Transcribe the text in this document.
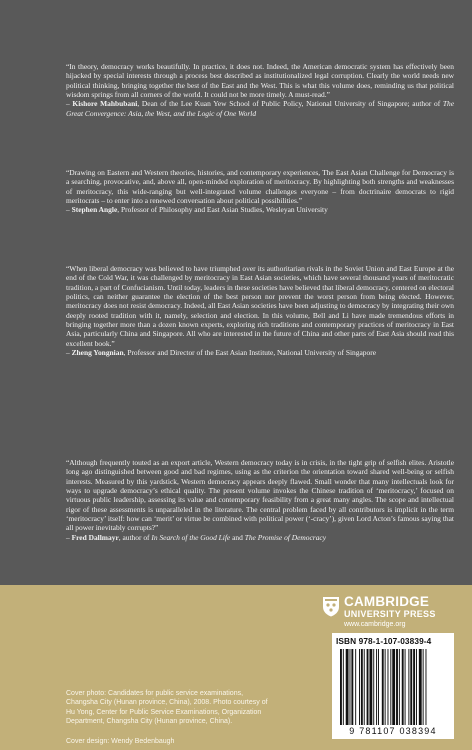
“In theory, democracy works beautifully. In practice, it does not. Indeed, the American democratic system has effectively been hijacked by special interests through a process best described as institutionalized legal corruption. Clearly the world needs new political thinking, bringing together the best of the East and the West. This is what this volume does, reminding us that political wisdom springs from all corners of the world. It could not be more timely. A must-read.”
– Kishore Mahbubani, Dean of the Lee Kuan Yew School of Public Policy, National University of Singapore; author of The Great Convergence: Asia, the West, and the Logic of One World

“Drawing on Eastern and Western theories, histories, and contemporary experiences, The East Asian Challenge for Democracy is a searching, provocative, and, above all, open-minded exploration of meritocracy. By highlighting both strengths and weaknesses of meritocracy, this wide-ranging but well-integrated volume challenges everyone – from doctrinaire democrats to rigid meritocrats – to enter into a renewed conversation about political possibilities.”
– Stephen Angle, Professor of Philosophy and East Asian Studies, Wesleyan University

“When liberal democracy was believed to have triumphed over its authoritarian rivals in the Soviet Union and East Europe at the end of the Cold War, it was challenged by meritocracy in East Asian societies, which have several thousand years of meritocratic tradition, a part of Confucianism. Until today, leaders in these societies have believed that liberal democracy, centered on electoral politics, can neither guarantee the election of the best person nor prevent the worst person from being elected. However, meritocracy does not resist democracy. Indeed, all East Asian societies have been adjusting to democracy by integrating their own deeply rooted tradition with it, namely, selection and election. In this volume, Bell and Li have made tremendous efforts in bringing together more than a dozen known experts, exploring rich traditions and contemporary practices of meritocracy in East Asia, particularly China and Singapore. All who are interested in the future of China and other parts of East Asia should read this excellent book.”
– Zheng Yongnian, Professor and Director of the East Asian Institute, National University of Singapore

“Although frequently touted as an export article, Western democracy today is in crisis, in the tight grip of selfish elites. Aristotle long ago distinguished between good and bad regimes, using as the criterion the orientation toward shared well-being or selfish interests. Measured by this yardstick, Western democracy appears deeply flawed. Small wonder that many intellectuals look for ways to upgrade democracy’s ethical quality. The present volume invokes the Chinese tradition of ‘meritocracy,’ focused on virtuous public leadership, assessing its value and contemporary feasibility from a great many angles. The scope and intellectual rigor of these assessments is unparalleled in the literature. The central problem faced by all contributors is implicit in the term ‘meritocracy’ itself: how can ‘merit’ or virtue be combined with political power (‘-cracy’), given Lord Acton’s famous saying that all power inevitably corrupts?”
– Fred Dallmayr, author of In Search of the Good Life and The Promise of Democracy

CAMBRIDGE
UNIVERSITY PRESS
www.cambridge.org
ISBN 978-1-107-03839-4
9 781107 038394

Cover photo: Candidates for public service examinations, Changsha City (Hunan province, China), 2008. Photo courtesy of Hu Yong, Center for Public Service Examinations, Organization Department, Changsha City (Hunan province, China).

Cover design: Wendy Bedenbaugh
